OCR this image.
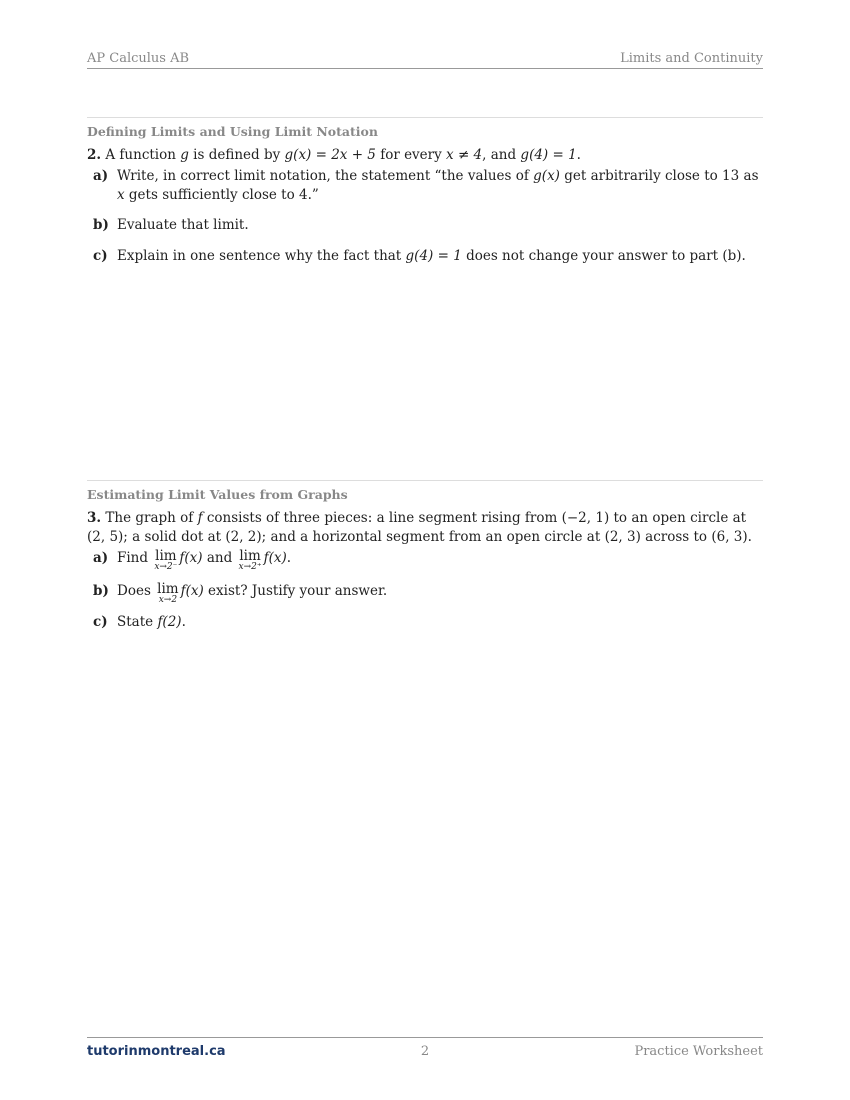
AP Calculus AB	Limits and Continuity
Defining Limits and Using Limit Notation
2. A function g is defined by g(x) = 2x + 5 for every x ≠ 4, and g(4) = 1.
a) Write, in correct limit notation, the statement “the values of g(x) get arbitrarily close to 13 as x gets sufficiently close to 4.”
b) Evaluate that limit.
c) Explain in one sentence why the fact that g(4) = 1 does not change your answer to part (b).
Estimating Limit Values from Graphs
3. The graph of f consists of three pieces: a line segment rising from (−2, 1) to an open circle at (2, 5); a solid dot at (2, 2); and a horizontal segment from an open circle at (2, 3) across to (6, 3).
a) Find lim
x→2⁻
f(x) and lim
x→2⁺
f(x).
b) Does lim
x→2
f(x) exist? Justify your answer.
c) State f(2).
tutorinmontreal.ca	2	Practice Worksheet
